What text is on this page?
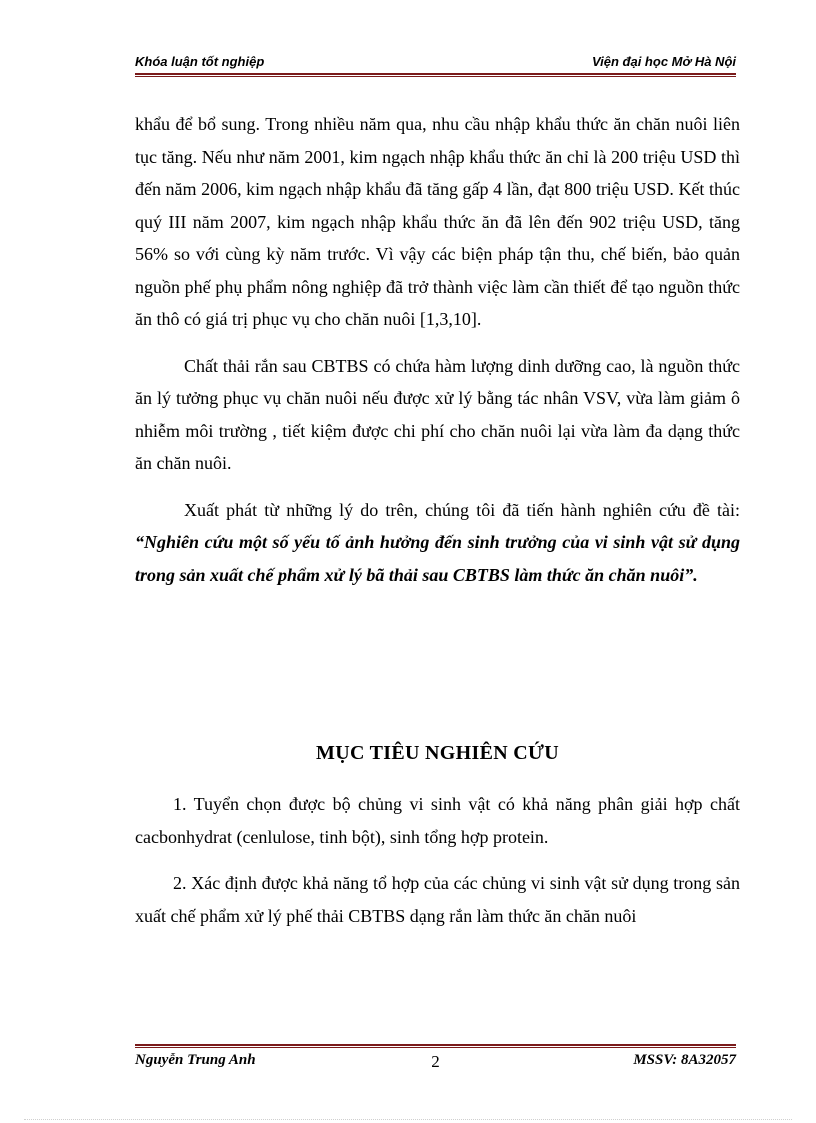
Khóa luận tốt nghiệp	Viện đại học Mở Hà Nội

khẩu để bổ sung. Trong nhiều năm qua, nhu cầu nhập khẩu thức ăn chăn nuôi liên tục tăng. Nếu như năm 2001, kim ngạch nhập khẩu thức ăn chỉ là 200 triệu USD thì đến năm 2006, kim ngạch nhập khẩu đã tăng gấp 4 lần, đạt 800 triệu USD. Kết thúc quý III năm 2007, kim ngạch nhập khẩu thức ăn đã lên đến 902 triệu USD, tăng 56% so với cùng kỳ năm trước. Vì vậy các biện pháp tận thu, chế biến, bảo quản nguồn phế phụ phẩm nông nghiệp đã trở thành việc làm cần thiết để tạo nguồn thức ăn thô có giá trị phục vụ cho chăn nuôi [1,3,10].

Chất thải rắn sau CBTBS có chứa hàm lượng dinh dưỡng cao, là nguồn thức ăn lý tưởng phục vụ chăn nuôi nếu được xử lý bằng tác nhân VSV, vừa làm giảm ô nhiễm môi trường , tiết kiệm được chi phí cho chăn nuôi lại vừa làm đa dạng thức ăn chăn nuôi.

Xuất phát từ những lý do trên, chúng tôi đã tiến hành nghiên cứu đề tài: “Nghiên cứu một số yếu tố ảnh hưởng đến sinh trưởng của vi sinh vật sử dụng trong sản xuất chế phẩm xử lý bã thải sau CBTBS làm thức ăn chăn nuôi”.

MỤC TIÊU NGHIÊN CỨU

1. Tuyển chọn được bộ chủng vi sinh vật có khả năng phân giải hợp chất cacbonhydrat (cenlulose, tinh bột), sinh tổng hợp protein.

2. Xác định được khả năng tổ hợp của các chủng vi sinh vật sử dụng trong sản xuất chế phẩm xử lý phế thải CBTBS dạng rắn làm thức ăn chăn nuôi

Nguyễn Trung Anh	2	MSSV: 8A32057
